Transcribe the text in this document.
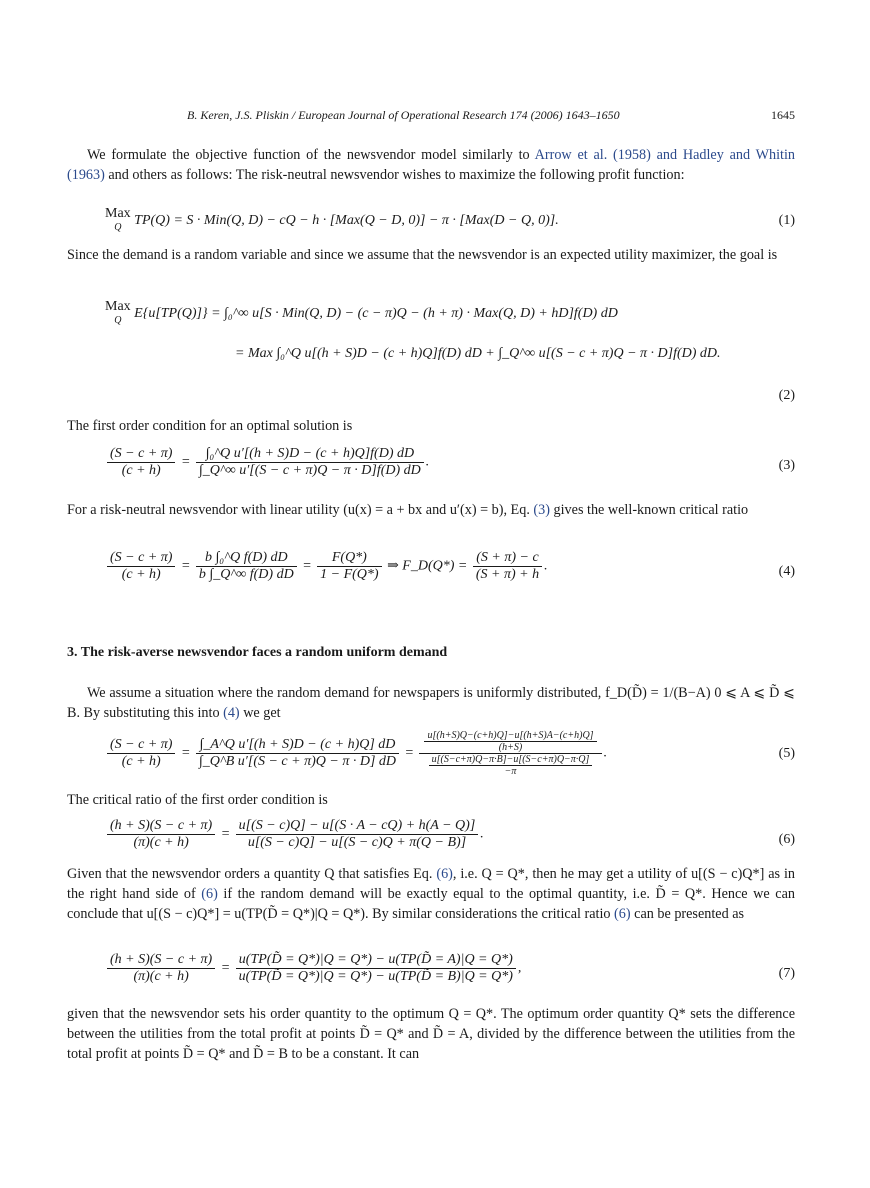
B. Keren, J.S. Pliskin / European Journal of Operational Research 174 (2006) 1643–1650	1645
We formulate the objective function of the newsvendor model similarly to Arrow et al. (1958) and Hadley and Whitin (1963) and others as follows: The risk-neutral newsvendor wishes to maximize the following profit function:
Max
Q TP(Q) = S · Min(Q, D) − cQ − h · [Max(Q − D, 0)] − π · [Max(D − Q, 0)].	(1)
Since the demand is a random variable and since we assume that the newsvendor is an expected utility maximizer, the goal is
Max
Q E{u[TP(Q)]} = ∫₀^∞ u[S · Min(Q, D) − (c − π)Q − (h + π) · Max(Q, D) + hD]f(D) dD
= Max ∫₀^Q u[(h + S)D − (c + h)Q]f(D) dD + ∫_Q^∞ u[(S − c + π)Q − π · D]f(D) dD.
(2)
The first order condition for an optimal solution is
$\frac{(S - c + \pi)}{(c + h)} = \frac{\text{∫₀\textasciicircum{}Q u′[(h + S)D − (c + h)Q]f(D) dD}}{\int\_Q\^{}\infty u'[(S - c + \pi)Q - \pi \cdot D]f(D) dD}$ .	(3)
For a risk-neutral newsvendor with linear utility (u(x) = a + bx and u′(x) = b), Eq. (3) gives the well-known critical ratio
$\frac{(S - c + \pi)}{(c + h)} = \frac{\text{b ∫₀\textasciicircum{}Q f(D) dD}}{b \int\_Q\^{}\infty f(D) dD} = \frac{F(Q*)}{1 - F(Q*)}$ ⇒ F_D(Q*) = $\frac{(S + \pi) - c}{(S + \pi) + h}$ .	(4)
3. The risk-averse newsvendor faces a random uniform demand
We assume a situation where the random demand for newspapers is uniformly distributed, f_D(D̃) = 1/(B−A) 0 ⩽ A ⩽ D̃ ⩽ B. By substituting this into (4) we get
$\frac{(S - c + \pi)}{(c + h)} = \frac{\text{∫\_A\textasciicircum{}Q u′[(h + S)D − (c + h)Q] dD}}{\text{∫\_Q\textasciicircum{}B u′[(S − c + π)Q − π · D] dD}} = \frac{\frac{u[(h+S)Q-(c+h)Q]-u[(h+S)A-(c+h)Q]}{(h+S)}}{\frac{u[(S-c+\pi)Q-\pi\cdot B]-u[(S-c+\pi)Q-\pi\cdot Q]}{-\pi}}$ .	(5)
The critical ratio of the first order condition is
$\frac{(h + S)(S - c + \pi)}{(\pi)(c + h)} = \frac{u[(S - c)Q] - u[(S \cdot A - cQ) + h(A - Q)]}{u[(S - c)Q] - u[(S - c)Q + \pi(Q - B)]}$ .	(6)
Given that the newsvendor orders a quantity Q that satisfies Eq. (6), i.e. Q = Q*, then he may get a utility of u[(S − c)Q*] as in the right hand side of (6) if the random demand will be exactly equal to the optimal quantity, i.e. D̃ = Q*. Hence we can conclude that u[(S − c)Q*] = u(TP(D̃ = Q*)|Q = Q*). By similar considerations the critical ratio (6) can be presented as
$\frac{(h + S)(S - c + \pi)}{(\pi)(c + h)} = \frac{u(TP(D̃ = Q*)|Q = Q*) - u(TP(D̃ = A)|Q = Q*)}{u(TP(D̃ = Q*)|Q = Q*) - u(TP(D̃ = B)|Q = Q*)}$ ,	(7)
given that the newsvendor sets his order quantity to the optimum Q = Q*. The optimum order quantity Q* sets the difference between the utilities from the total profit at points D̃ = Q* and D̃ = A, divided by the difference between the utilities from the total profit at points D̃ = Q* and D̃ = B to be a constant. It can
